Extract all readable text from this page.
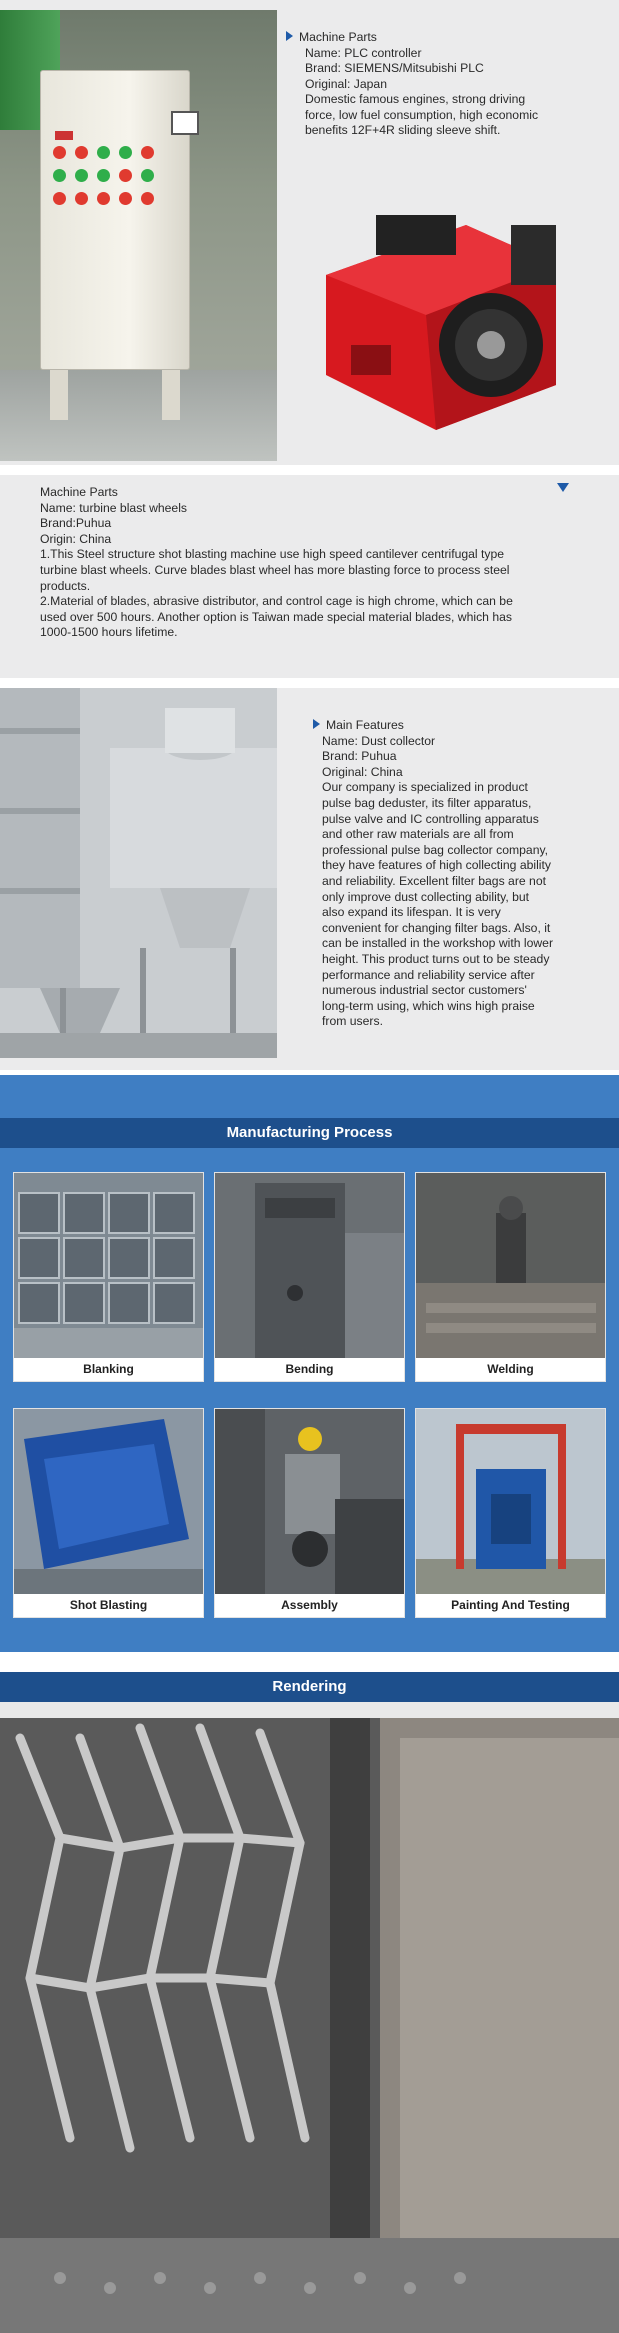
Machine Parts
Name: PLC controller
Brand: SIEMENS/Mitsubishi PLC
Original: Japan
Domestic famous engines, strong driving
force, low fuel consumption, high economic
benefits 12F+4R sliding sleeve shift.
Machine Parts
Name: turbine blast wheels
Brand:Puhua
Origin: China
1.This Steel structure shot blasting machine use high speed cantilever centrifugal type
turbine blast wheels. Curve blades blast wheel has more blasting force to process steel
products.
2.Material of blades, abrasive distributor, and control cage is high chrome, which can be
used over 500 hours. Another option is Taiwan made special material blades, which has
1000-1500 hours lifetime.
Main Features
Name: Dust collector
Brand: Puhua
Original: China
Our company is specialized in product
pulse bag deduster, its filter apparatus,
pulse valve and IC controlling apparatus
and other raw materials are all from
professional pulse bag collector company,
they have features of high collecting ability
and reliability. Excellent filter bags are not
only improve dust collecting ability, but
also expand its lifespan. It is very
convenient for changing filter bags. Also, it
can be installed in the workshop with lower
height. This product turns out to be steady
performance and reliability service after
numerous industrial sector customers'
long-term using, which wins high praise
from users.
Manufacturing Process
Blanking	Bending	Welding
Shot Blasting	Assembly	Painting And Testing
Rendering
